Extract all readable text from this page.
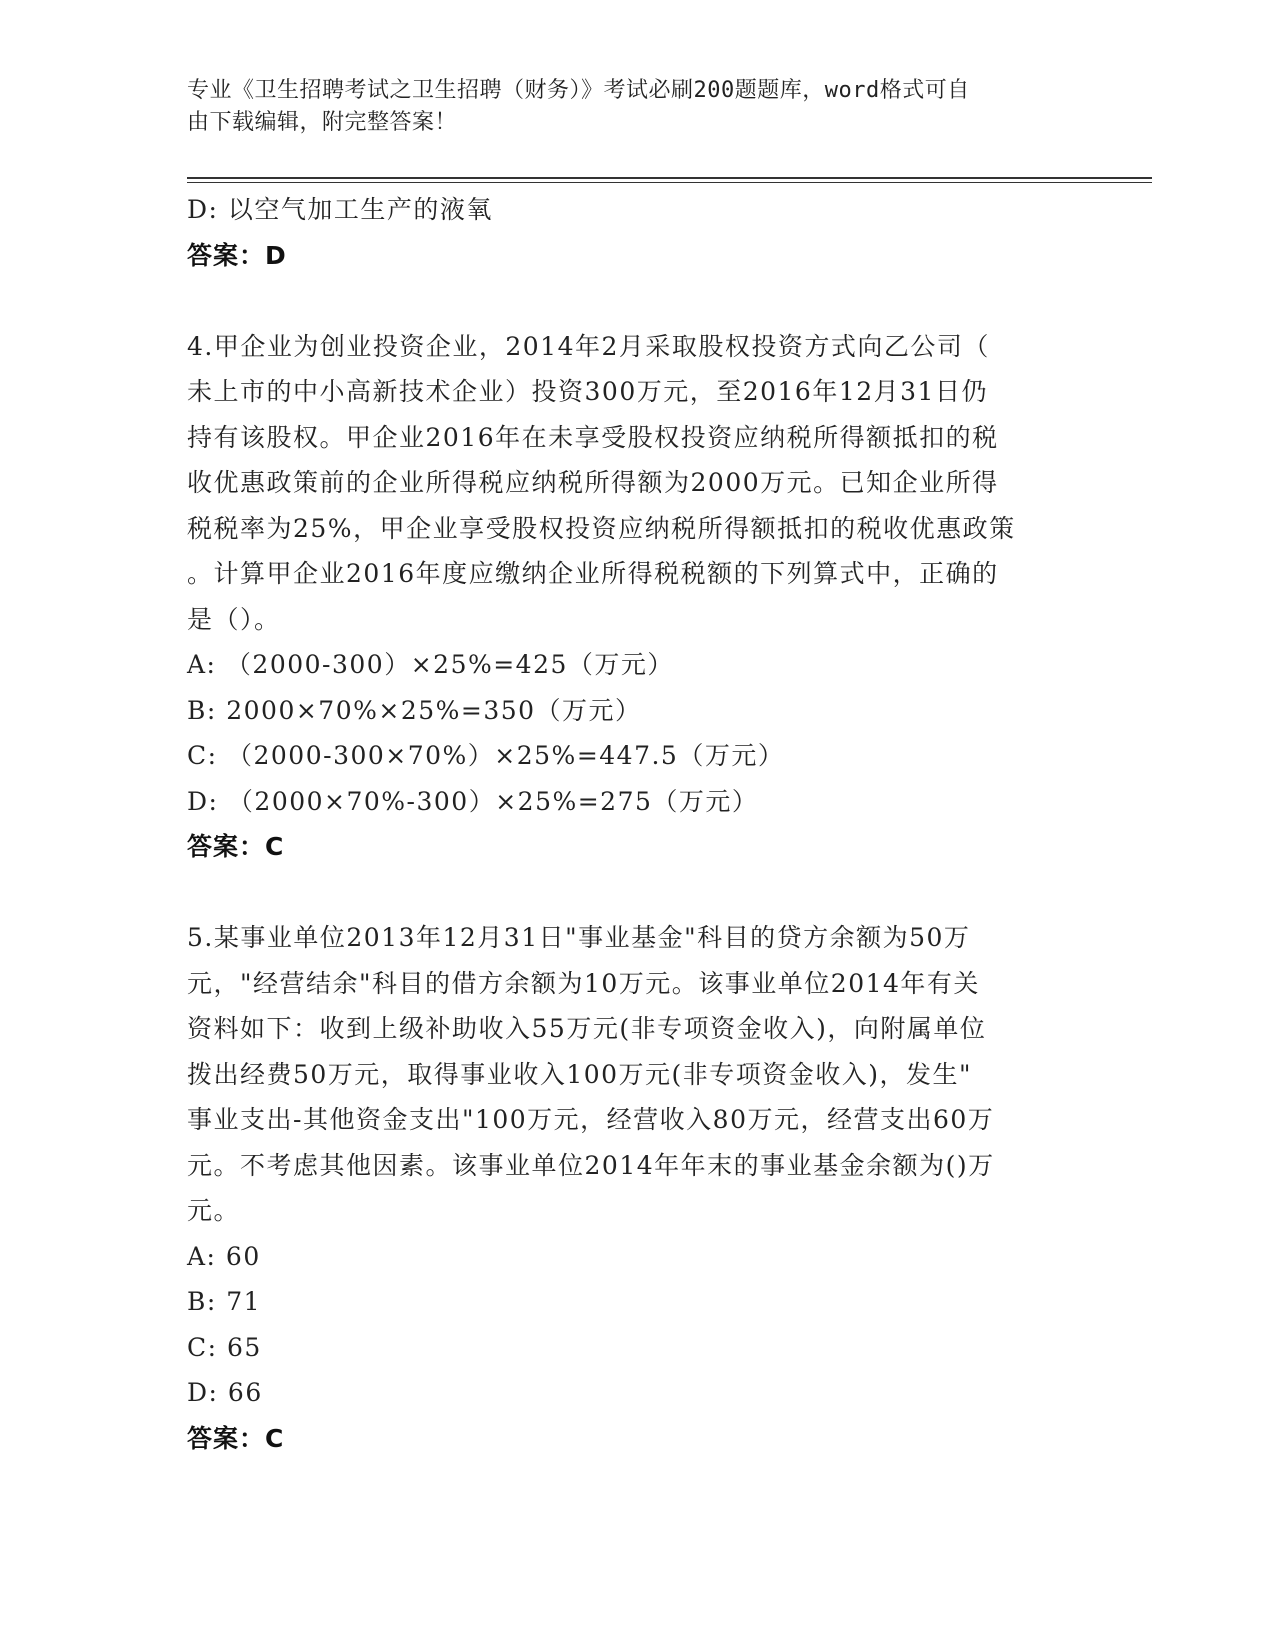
专业《卫生招聘考试之卫生招聘（财务）》考试必刷200题题库，word格式可自
由下载编辑，附完整答案！
D: 以空气加工生产的液氧
答案：D
4.甲企业为创业投资企业，2014年2月采取股权投资方式向乙公司（
未上市的中小高新技术企业）投资300万元，至2016年12月31日仍
持有该股权。甲企业2016年在未享受股权投资应纳税所得额抵扣的税
收优惠政策前的企业所得税应纳税所得额为2000万元。已知企业所得
税税率为25%，甲企业享受股权投资应纳税所得额抵扣的税收优惠政策
。计算甲企业2016年度应缴纳企业所得税税额的下列算式中，正确的
是（）。
A: （2000-300）×25%=425（万元）
B: 2000×70%×25%=350（万元）
C: （2000-300×70%）×25%=447.5（万元）
D: （2000×70%-300）×25%=275（万元）
答案：C
5.某事业单位2013年12月31日"事业基金"科目的贷方余额为50万
元，"经营结余"科目的借方余额为10万元。该事业单位2014年有关
资料如下：收到上级补助收入55万元(非专项资金收入)，向附属单位
拨出经费50万元，取得事业收入100万元(非专项资金收入)，发生"
事业支出-其他资金支出"100万元，经营收入80万元，经营支出60万
元。不考虑其他因素。该事业单位2014年年末的事业基金余额为()万
元。
A: 60
B: 71
C: 65
D: 66
答案：C
